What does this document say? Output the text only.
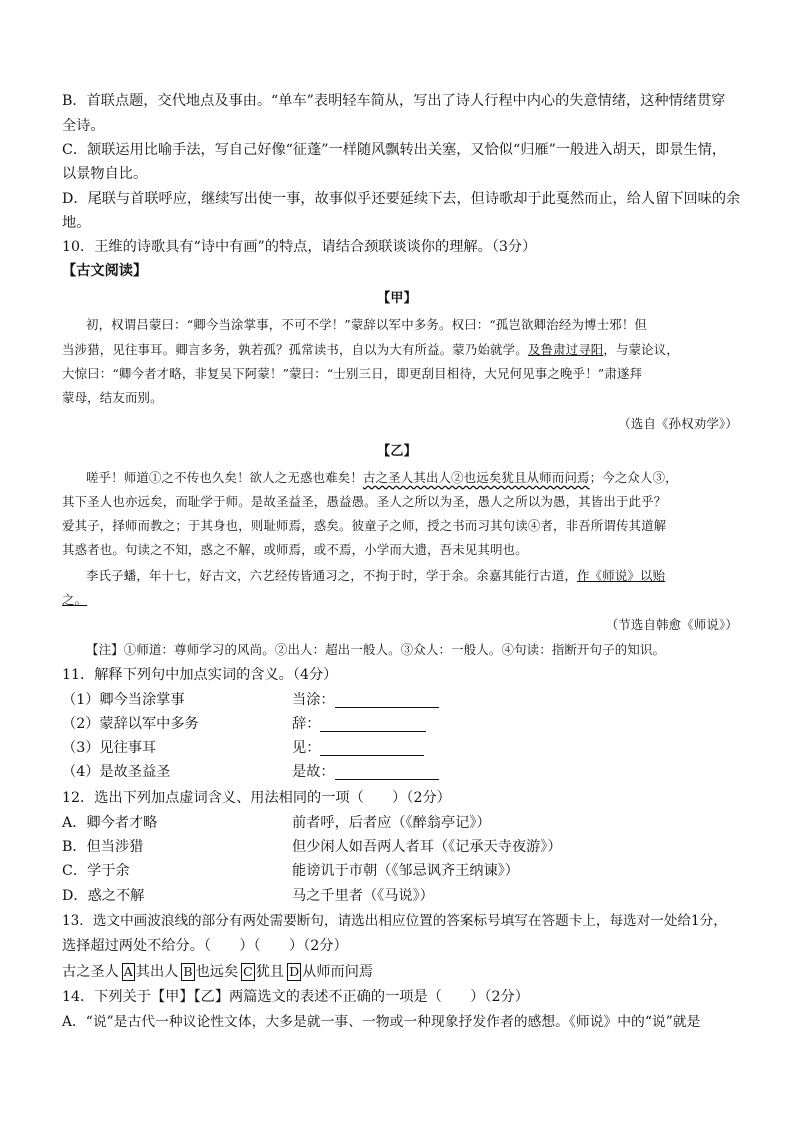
B．首联点题，交代地点及事由。“单车”表明轻车简从，写出了诗人行程中内心的失意情绪，这种情绪贯穿
全诗。
C．颔联运用比喻手法，写自己好像“征蓬”一样随风飘转出关塞，又恰似“归雁”一般进入胡天，即景生情，
以景物自比。
D．尾联与首联呼应，继续写出使一事，故事似乎还要延续下去，但诗歌却于此戛然而止，给人留下回味的余
地。
10．王维的诗歌具有“诗中有画”的特点，请结合颈联谈谈你的理解。（3分）
【古文阅读】
【甲】
初，权谓吕蒙曰：“卿今当涂掌事，不可不学！”蒙辞以军中多务。权曰：“孤岂欲卿治经为博士邪！但
当涉猎，见往事耳。卿言多务，孰若孤？孤常读书，自以为大有所益。蒙乃始就学。及鲁肃过寻阳，与蒙论议，
大惊曰：“卿今者才略，非复吴下阿蒙！”蒙曰：“士别三日，即更刮目相待，大兄何见事之晚乎！”肃遂拜
蒙母，结友而别。
（选自《孙权劝学》）
【乙】
嗟乎！师道①之不传也久矣！欲人之无惑也难矣！古之圣人其出人②也远矣犹且从师而问焉；今之众人③，
其下圣人也亦远矣，而耻学于师。是故圣益圣，愚益愚。圣人之所以为圣，愚人之所以为愚，其皆出于此乎？
爱其子，择师而教之；于其身也，则耻师焉，惑矣。彼童子之师，授之书而习其句读④者，非吾所谓传其道解
其惑者也。句读之不知，惑之不解，或师焉，或不焉，小学而大遗，吾未见其明也。
李氏子蟠，年十七，好古文，六艺经传皆通习之，不拘于时，学于余。余嘉其能行古道，作《师说》以贻
之。
（节选自韩愈《师说》）
【注】①师道：尊师学习的风尚。②出人：超出一般人。③众人：一般人。④句读：指断开句子的知识。
11．解释下列句中加点实词的含义。（4分）
（1）卿今当涂掌事	当涂：
（2）蒙辞以军中多务	辞：
（3）见往事耳	见：
（4）是故圣益圣	是故：
12．选出下列加点虚词含义、用法相同的一项（　　）（2分）
A．卿今者才略	前者呼，后者应（《醉翁亭记》）
B．但当涉猎	但少闲人如吾两人者耳（《记承天寺夜游》）
C．学于余	能谤讥于市朝（《邹忌讽齐王纳谏》）
D．惑之不解	马之千里者（《马说》）
13．选文中画波浪线的部分有两处需要断句，请选出相应位置的答案标号填写在答题卡上，每选对一处给1分，
选择超过两处不给分。（　　）（　　）（2分）
古之圣人 A 其出人 B 也远矣 C 犹且 D 从师而问焉
14．下列关于【甲】【乙】两篇选文的表述不正确的一项是（　　）（2分）
A．“说”是古代一种议论性文体，大多是就一事、一物或一种现象抒发作者的感想。《师说》中的“说”就是
